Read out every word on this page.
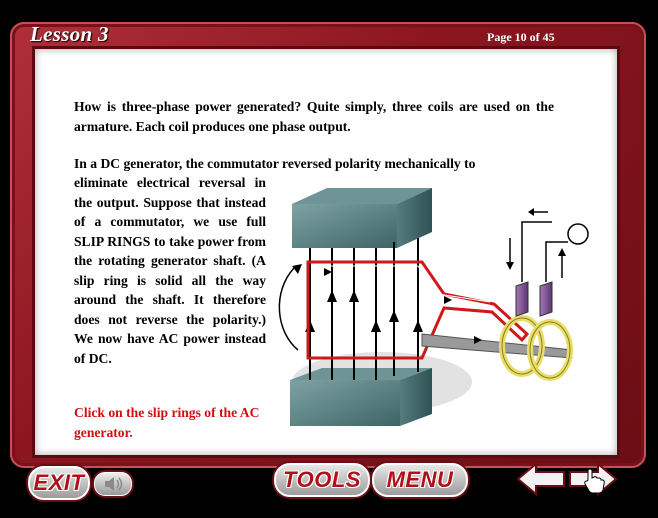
Lesson 3	Page 10 of 45
How is three-phase power generated? Quite simply, three coils are used on the armature. Each coil produces one phase output.
In a DC generator, the commutator reversed polarity mechanically to
eliminate electrical reversal in the output. Suppose that instead of a commutator, we use full SLIP RINGS to take power from the rotating generator shaft. (A slip ring is solid all the way around the shaft. It therefore does not reverse the polarity.) We now have AC power instead of DC.
Click on the slip rings of the AC generator.
EXIT	TOOLS	MENU
